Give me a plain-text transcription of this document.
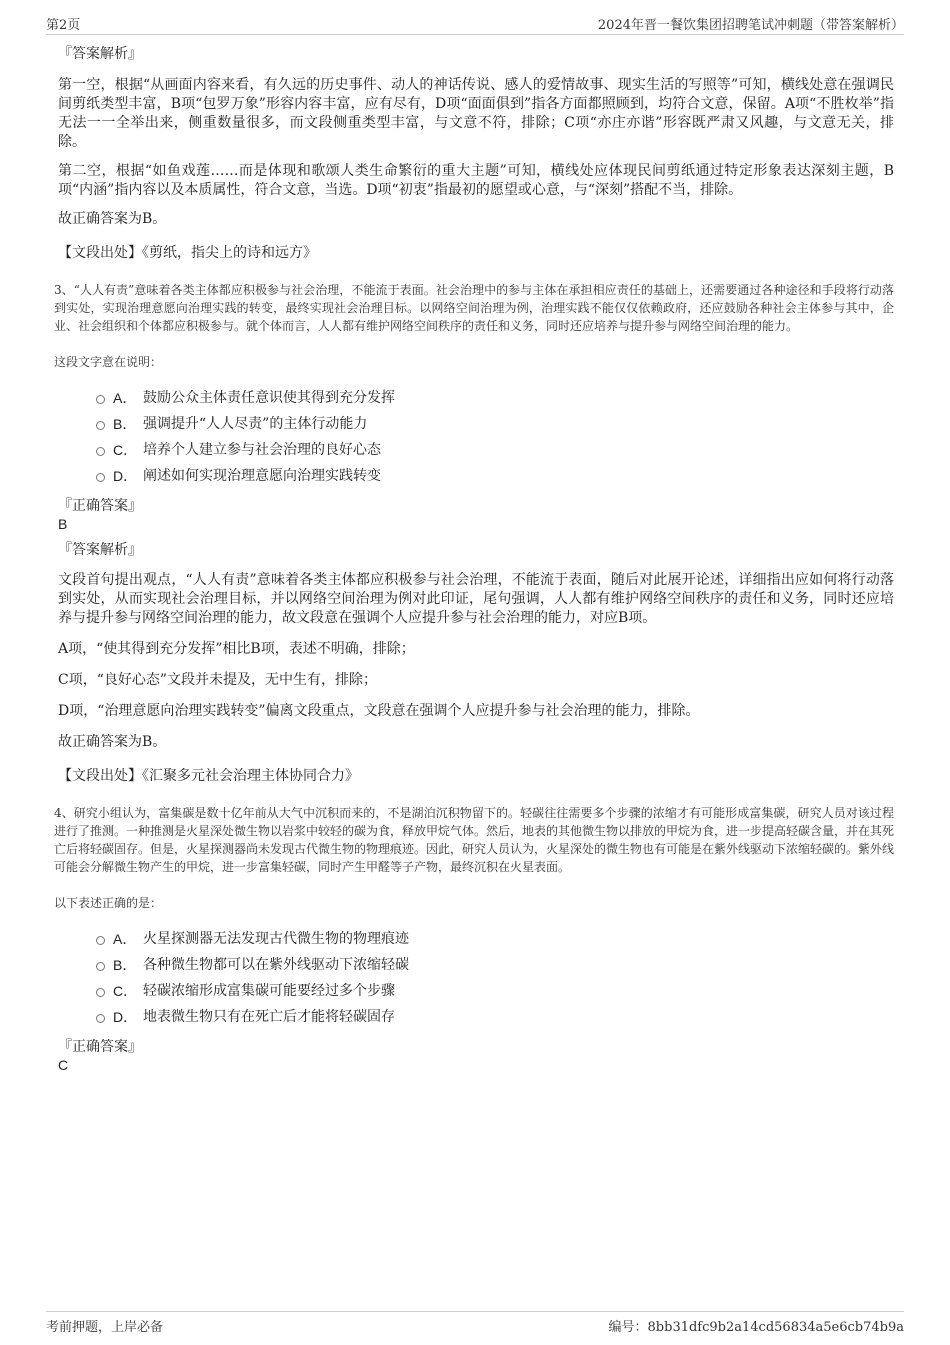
第2页	2024年晋一餐饮集团招聘笔试冲刺题（带答案解析）
『答案解析』
第一空，根据“从画面内容来看，有久远的历史事件、动人的神话传说、感人的爱情故事、现实生活的写照等”可知，横线处意在强调民间剪纸类型丰富，B项“包罗万象”形容内容丰富，应有尽有，D项“面面俱到”指各方面都照顾到，均符合文意，保留。A项“不胜枚举”指无法一一全举出来，侧重数量很多，而文段侧重类型丰富，与文意不符，排除；C项“亦庄亦谐”形容既严肃又风趣，与文意无关，排除。
第二空，根据“如鱼戏莲……而是体现和歌颂人类生命繁衍的重大主题”可知，横线处应体现民间剪纸通过特定形象表达深刻主题，B项“内涵”指内容以及本质属性，符合文意，当选。D项“初衷”指最初的愿望或心意，与“深刻”搭配不当，排除。
故正确答案为B。
【文段出处】《剪纸，指尖上的诗和远方》
3、“人人有责”意味着各类主体都应积极参与社会治理，不能流于表面。社会治理中的参与主体在承担相应责任的基础上，还需要通过各种途径和手段将行动落到实处，实现治理意愿向治理实践的转变，最终实现社会治理目标。以网络空间治理为例，治理实践不能仅仅依赖政府，还应鼓励各种社会主体参与其中，企业、社会组织和个体都应积极参与。就个体而言，人人都有维护网络空间秩序的责任和义务，同时还应培养与提升参与网络空间治理的能力。
这段文字意在说明：
A． 鼓励公众主体责任意识使其得到充分发挥
B． 强调提升“人人尽责”的主体行动能力
C． 培养个人建立参与社会治理的良好心态
D． 阐述如何实现治理意愿向治理实践转变
『正确答案』
B
『答案解析』
文段首句提出观点，“人人有责”意味着各类主体都应积极参与社会治理，不能流于表面，随后对此展开论述，详细指出应如何将行动落到实处，从而实现社会治理目标，并以网络空间治理为例对此印证，尾句强调，人人都有维护网络空间秩序的责任和义务，同时还应培养与提升参与网络空间治理的能力，故文段意在强调个人应提升参与社会治理的能力，对应B项。
A项，“使其得到充分发挥”相比B项，表述不明确，排除；
C项，“良好心态”文段并未提及，无中生有，排除；
D项，“治理意愿向治理实践转变”偏离文段重点，文段意在强调个人应提升参与社会治理的能力，排除。
故正确答案为B。
【文段出处】《汇聚多元社会治理主体协同合力》
4、研究小组认为，富集碳是数十亿年前从大气中沉积而来的，不是湖泊沉积物留下的。轻碳往往需要多个步骤的浓缩才有可能形成富集碳，研究人员对该过程进行了推测。一种推测是火星深处微生物以岩浆中较轻的碳为食，释放甲烷气体。然后，地表的其他微生物以排放的甲烷为食，进一步提高轻碳含量，并在其死亡后将轻碳固存。但是，火星探测器尚未发现古代微生物的物理痕迹。因此，研究人员认为，火星深处的微生物也有可能是在紫外线驱动下浓缩轻碳的。紫外线可能会分解微生物产生的甲烷，进一步富集轻碳，同时产生甲醛等子产物，最终沉积在火星表面。
以下表述正确的是：
A． 火星探测器无法发现古代微生物的物理痕迹
B． 各种微生物都可以在紫外线驱动下浓缩轻碳
C． 轻碳浓缩形成富集碳可能要经过多个步骤
D． 地表微生物只有在死亡后才能将轻碳固存
『正确答案』
C
考前押题，上岸必备	编号：8bb31dfc9b2a14cd56834a5e6cb74b9a
